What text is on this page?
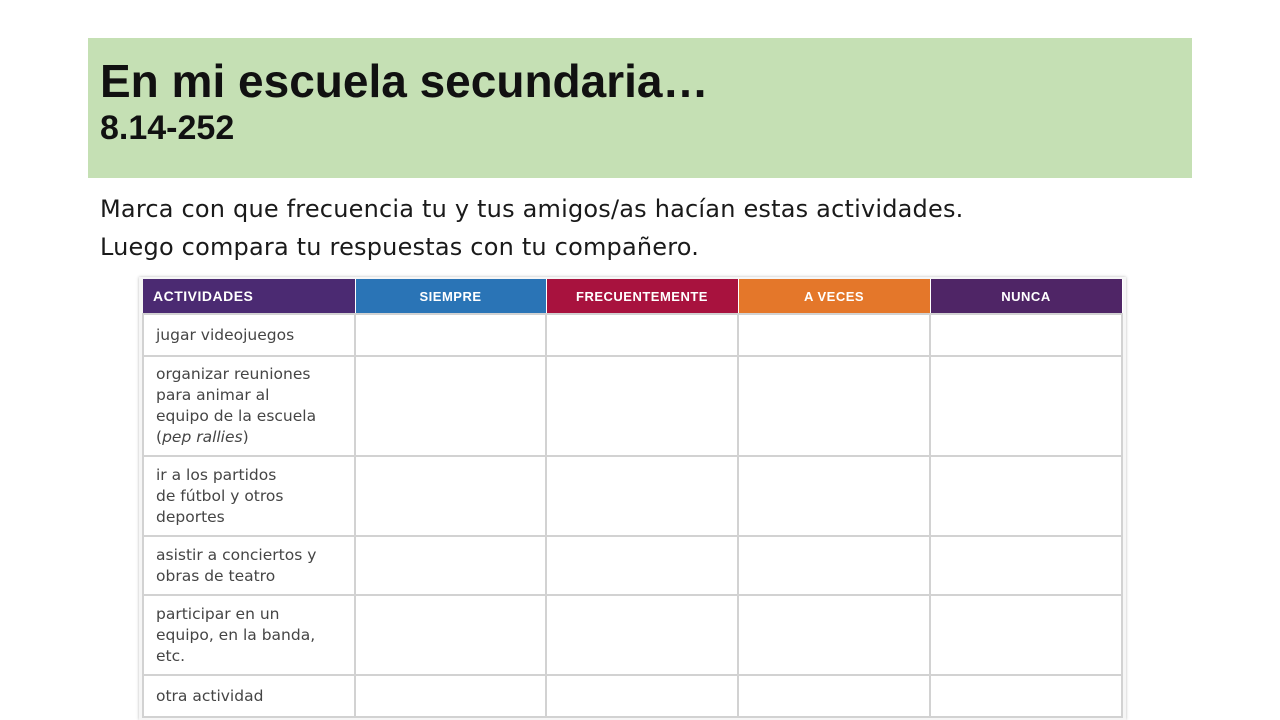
En mi escuela secundaria…
8.14-252
Marca con que frecuencia tu y tus amigos/as hacían estas actividades.
Luego compara tu respuestas con tu compañero.
ACTIVIDADES	SIEMPRE	FRECUENTEMENTE	A VECES	NUNCA

jugar videojuegos				

organizar reuniones
para animar al
equipo de la escuela
(pep rallies)				

ir a los partidos
de fútbol y otros
deportes				

asistir a conciertos y
obras de teatro				

participar en un
equipo, en la banda,
etc.				

otra actividad				
